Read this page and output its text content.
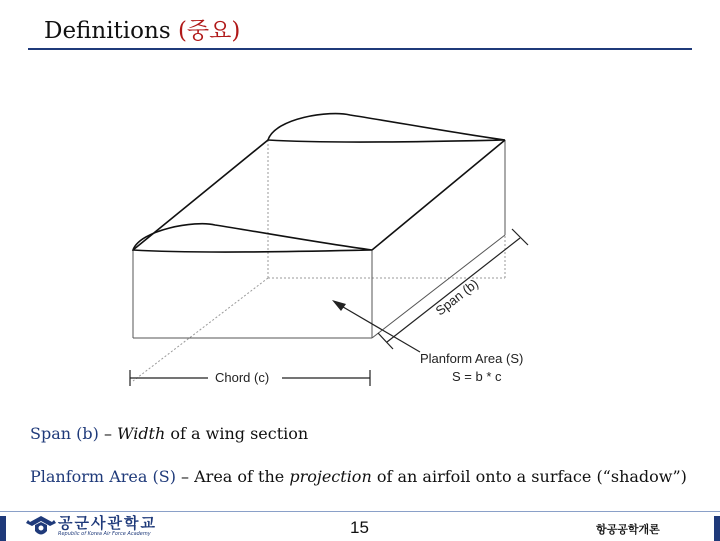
Definitions (중요)
Span (b)
Chord (c)
Planform Area (S)
S = b * c
Span (b) – Width of a wing section
Planform Area (S) – Area of the projection of an airfoil onto a surface (“shadow”)
공군사관학교
Republic of Korea Air Force Academy	15	항공공학개론
